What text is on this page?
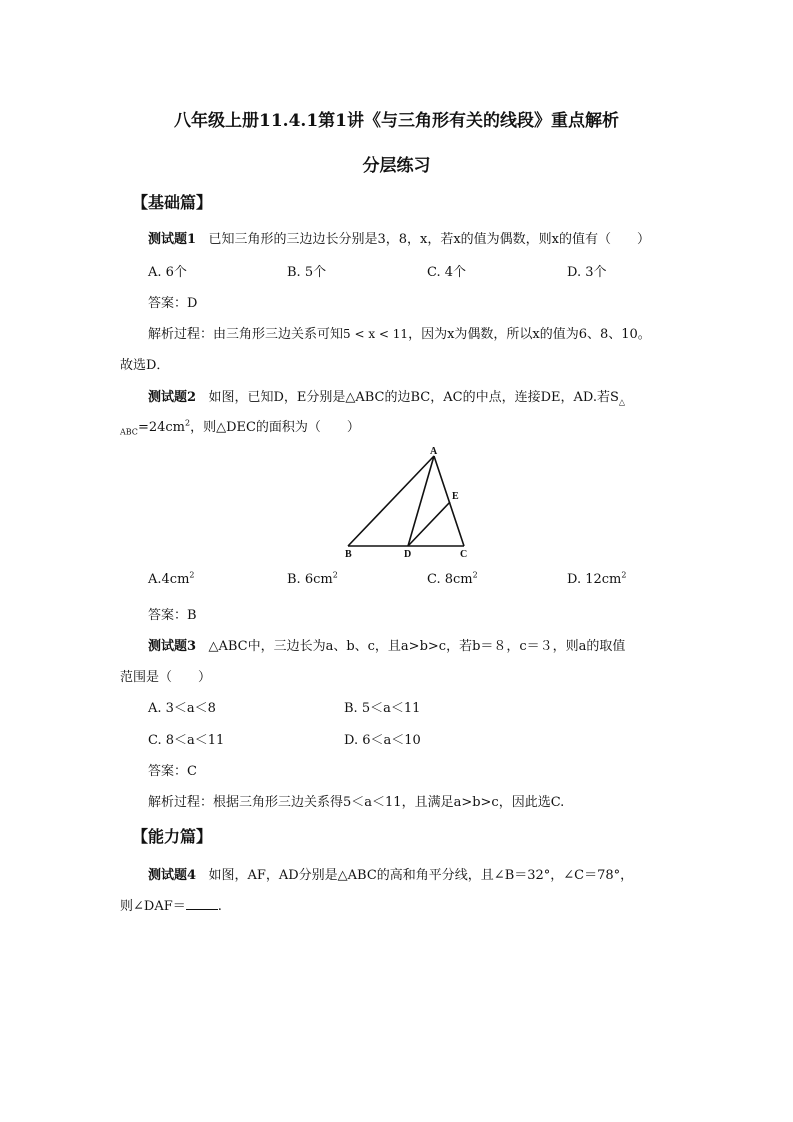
八年级上册11.4.1第1讲《与三角形有关的线段》重点解析
分层练习
【基础篇】
测试题1 已知三角形的三边边长分别是3，8，x，若x的值为偶数，则x的值有（　　）
A. 6个	B. 5个	C. 4个	D. 3个
答案：D
解析过程：由三角形三边关系可知5 < x < 11，因为x为偶数，所以x的值为6、8、10。
故选D．
测试题2 如图，已知D，E分别是△ABC的边BC，AC的中点，连接DE，AD.若$S_\triangle$
$_{ABC}=24cm^2$，则△DEC的面积为（　　）
A
B	C
D
E
$A.4cm^2$	B. $6cm^2$	C. $8cm^2$	D. $12cm^2$
答案：B
测试题3 △ABC中，三边长为a、b、c，且a>b>c，若b＝８，c＝３，则a的取值
范围是（　　）
A. 3＜a＜8	B. 5＜a＜11
C. 8＜a＜11	D. 6＜a＜10
答案：C
解析过程：根据三角形三边关系得5＜a＜11，且满足a>b>c，因此选C.
【能力篇】
测试题4 如图，AF，AD分别是△ABC的高和角平分线，且∠B＝32°，∠C＝78°，
则∠DAF＝ .
